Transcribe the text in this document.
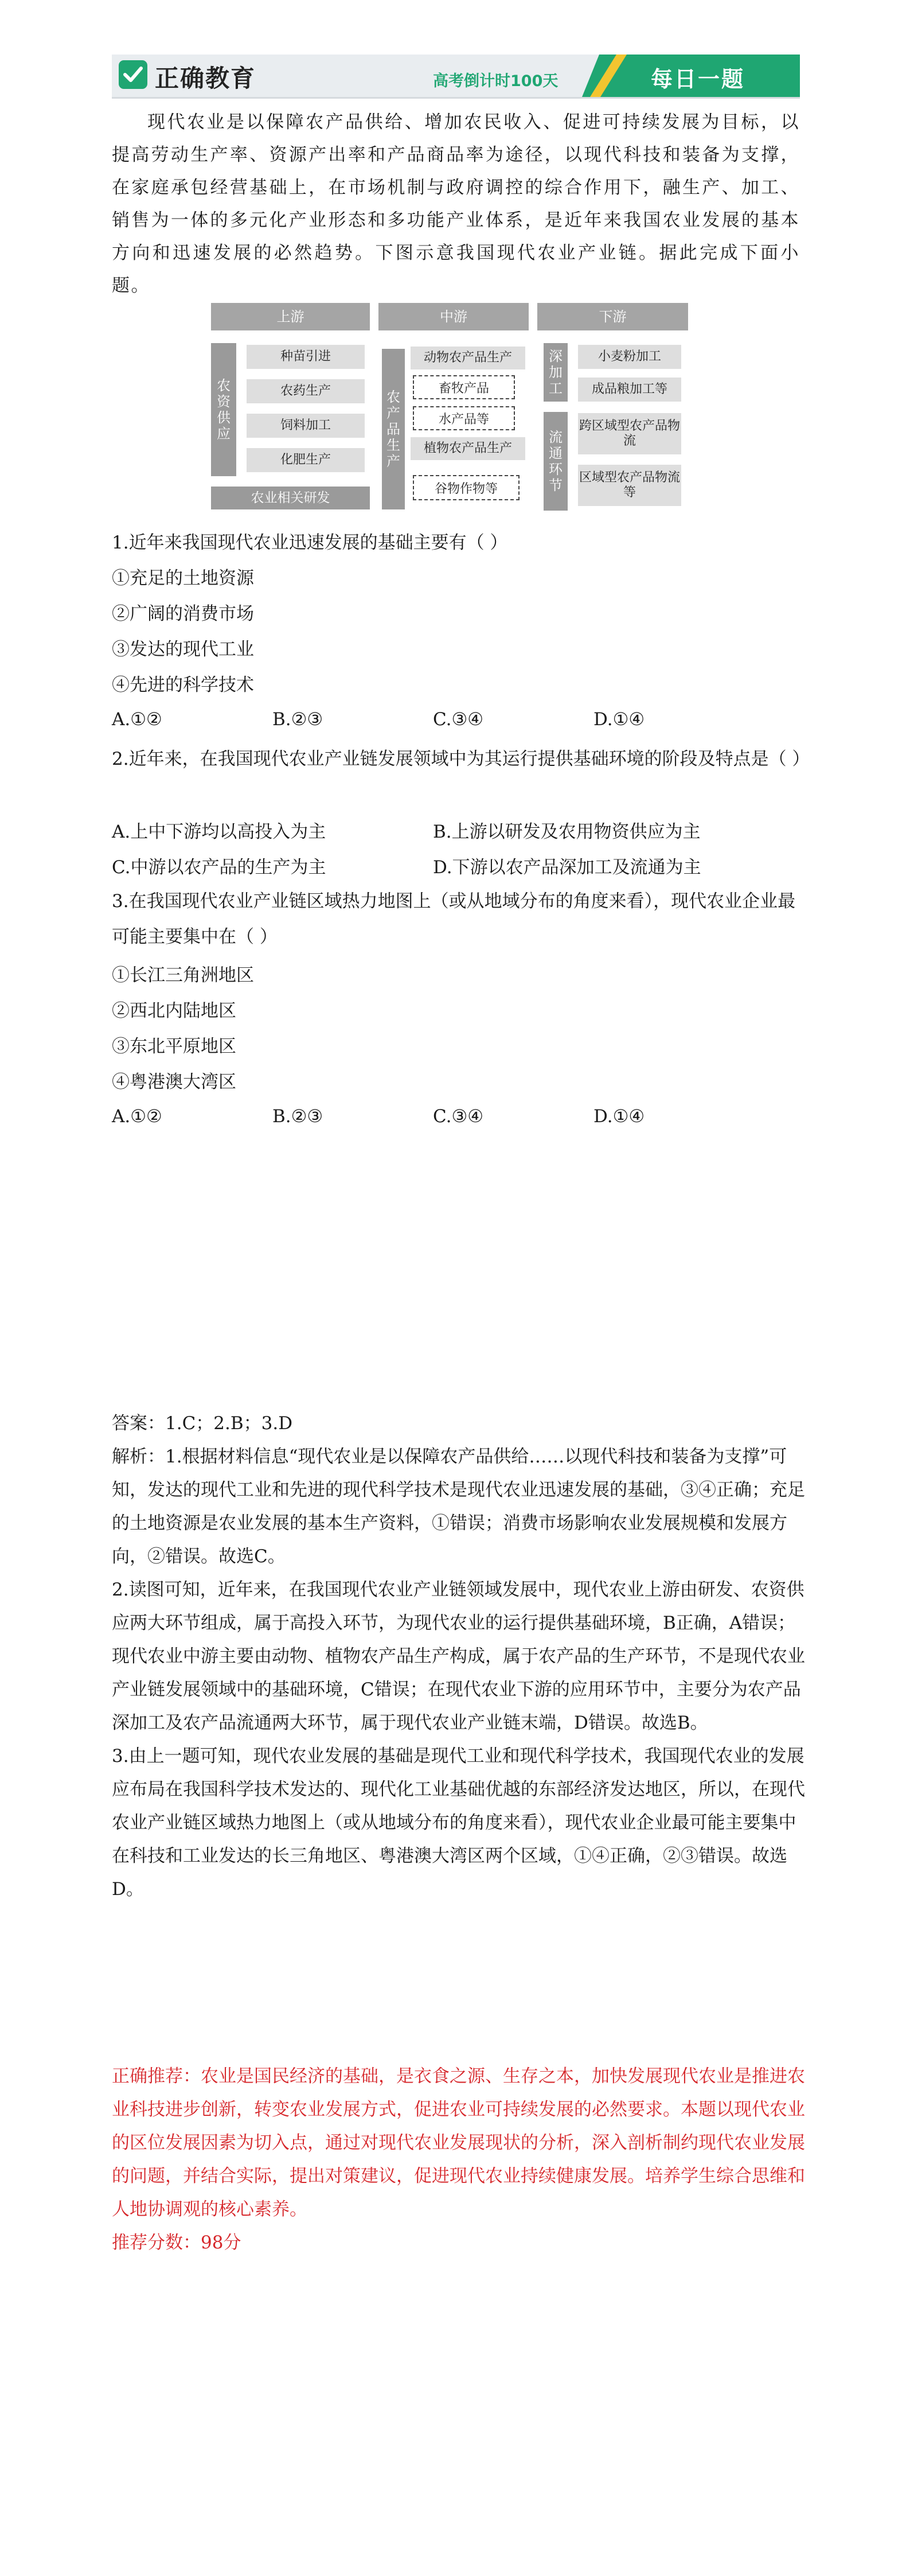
正确教育	高考倒计时100天	每日一题

现代农业是以保障农产品供给、增加农民收入、促进可持续发展为目标，以提高劳动生产率、资源产出率和产品商品率为途径，以现代科技和装备为支撑，在家庭承包经营基础上，在市场机制与政府调控的综合作用下，融生产、加工、销售为一体的多元化产业形态和多功能产业体系，是近年来我国农业发展的基本方向和迅速发展的必然趋势。下图示意我国现代农业产业链。据此完成下面小题。

上游	中游	下游
农资供应
种苗引进
农药生产
饲料加工
化肥生产
农业相关研发
农产品生产
动物农产品生产
畜牧产品
水产品等
植物农产品生产
谷物作物等
深加工
小麦粉加工
成品粮加工等
流通环节
跨区域型农产品物流
区域型农产品物流等
1.近年来我国现代农业迅速发展的基础主要有（ ）
①充足的土地资源
②广阔的消费市场
③发达的现代工业
④先进的科学技术
A.①②	B.②③	C.③④	D.①④
2.近年来，在我国现代农业产业链发展领域中为其运行提供基础环境的阶段及特点是（ ）
A.上中下游均以高投入为主	B.上游以研发及农用物资供应为主
C.中游以农产品的生产为主	D.下游以农产品深加工及流通为主
3.在我国现代农业产业链区域热力地图上（或从地域分布的角度来看），现代农业企业最可能主要集中在（ ）
①长江三角洲地区
②西北内陆地区
③东北平原地区
④粤港澳大湾区
A.①②	B.②③	C.③④	D.①④

答案：1.C；2.B；3.D

解析：1.根据材料信息“现代农业是以保障农产品供给……以现代科技和装备为支撑”可知，发达的现代工业和先进的现代科学技术是现代农业迅速发展的基础，③④正确；充足的土地资源是农业发展的基本生产资料，①错误；消费市场影响农业发展规模和发展方向，②错误。故选C。

2.读图可知，近年来，在我国现代农业产业链领域发展中，现代农业上游由研发、农资供应两大环节组成，属于高投入环节，为现代农业的运行提供基础环境，B正确，A错误；现代农业中游主要由动物、植物农产品生产构成，属于农产品的生产环节，不是现代农业产业链发展领域中的基础环境，C错误；在现代农业下游的应用环节中，主要分为农产品深加工及农产品流通两大环节，属于现代农业产业链末端，D错误。故选B。

3.由上一题可知，现代农业发展的基础是现代工业和现代科学技术，我国现代农业的发展应布局在我国科学技术发达的、现代化工业基础优越的东部经济发达地区，所以，在现代农业产业链区域热力地图上（或从地域分布的角度来看），现代农业企业最可能主要集中在科技和工业发达的长三角地区、粤港澳大湾区两个区域，①④正确，②③错误。故选D。

正确推荐：农业是国民经济的基础，是衣食之源、生存之本，加快发展现代农业是推进农业科技进步创新，转变农业发展方式，促进农业可持续发展的必然要求。本题以现代农业的区位发展因素为切入点，通过对现代农业发展现状的分析，深入剖析制约现代农业发展的问题，并结合实际，提出对策建议，促进现代农业持续健康发展。培养学生综合思维和人地协调观的核心素养。

推荐分数：98分
